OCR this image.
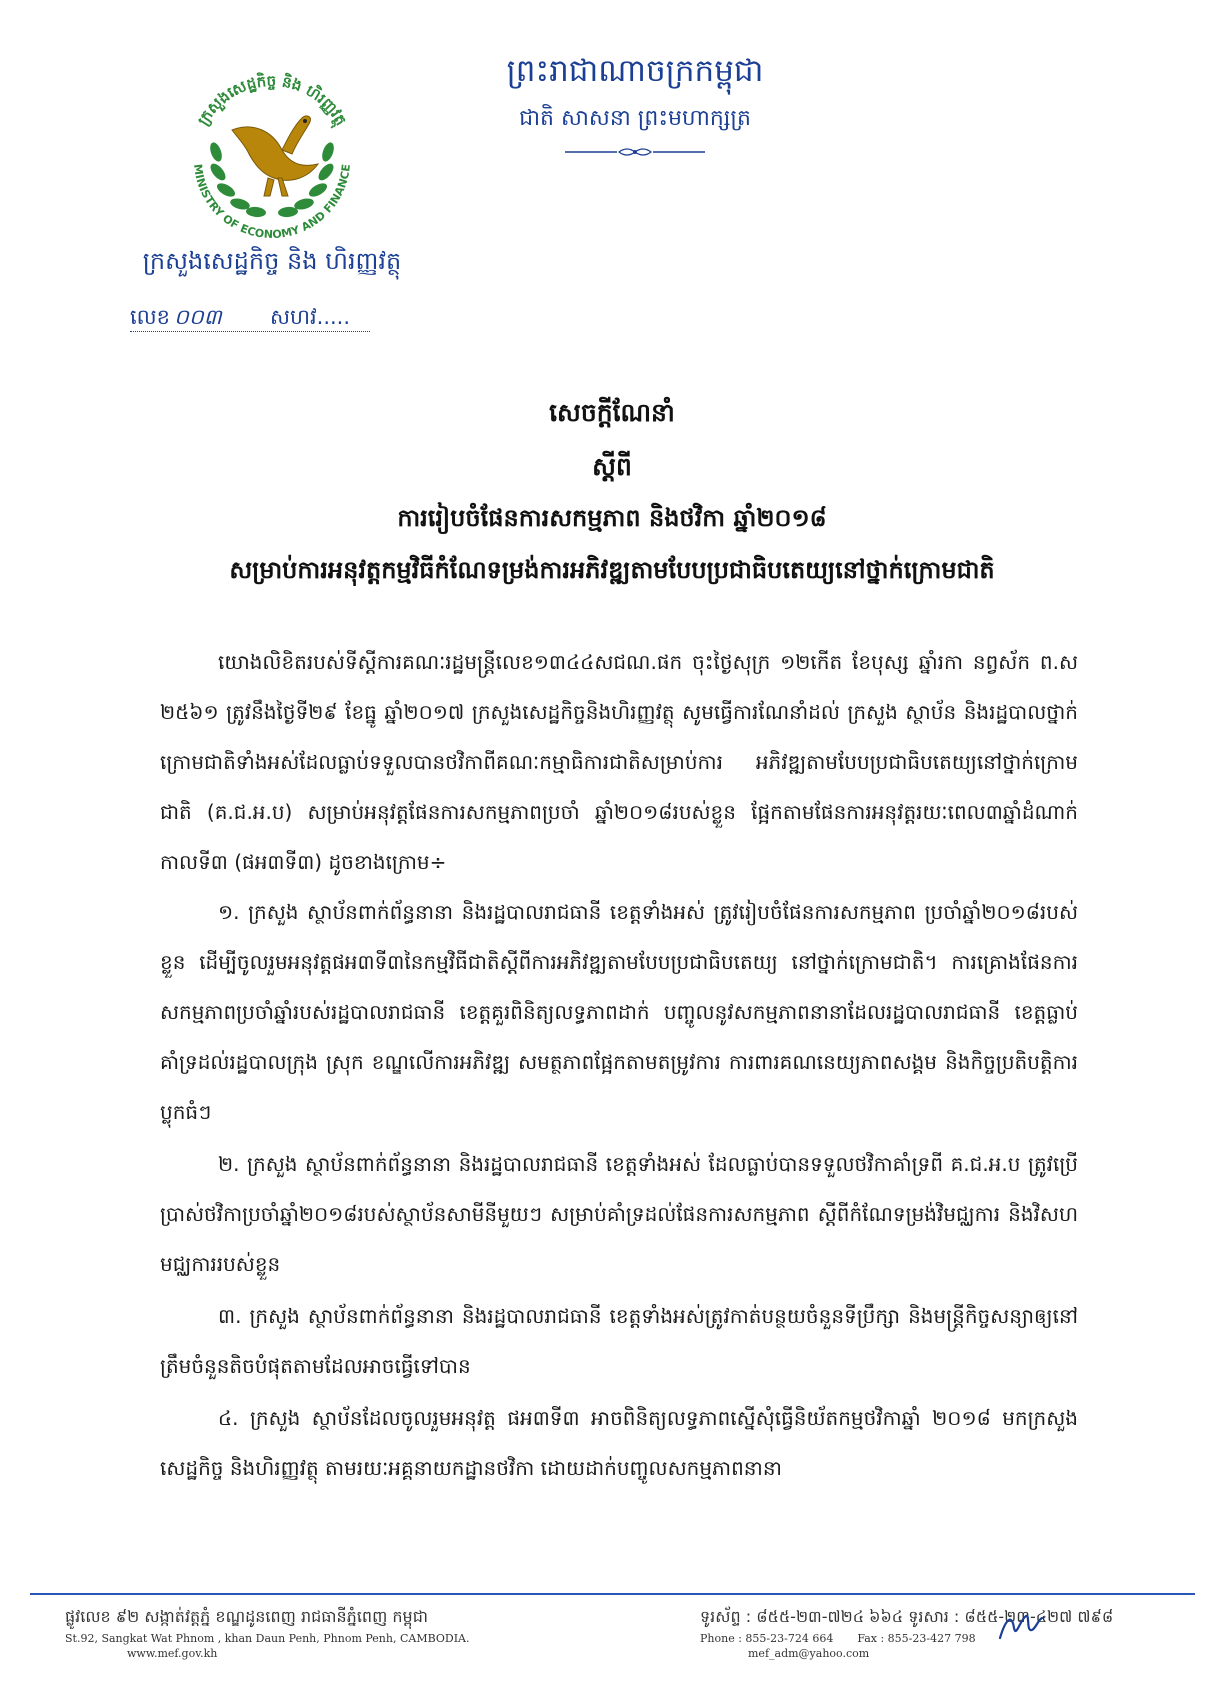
ក្រសួងសេដ្ឋកិច្ច និង ហិរញ្ញវត្ថុ
MINISTRY OF ECONOMY AND FINANCE
ក្រសួងសេដ្ឋកិច្ច និង ហិរញ្ញវត្ថុ
លេខ ០០៣ សហវ.....
ព្រះរាជាណាចក្រកម្ពុជា
ជាតិ សាសនា ព្រះមហាក្សត្រ
សេចក្តីណែនាំ
ស្តីពី
ការរៀបចំផែនការសកម្មភាព និងថវិកា ឆ្នាំ២០១៨
សម្រាប់ការអនុវត្តកម្មវិធីកំណែទម្រង់ការអភិវឌ្ឍតាមបែបប្រជាធិបតេយ្យនៅថ្នាក់ក្រោមជាតិ
យោងលិខិតរបស់ទីស្តីការគណៈរដ្ឋមន្ត្រីលេខ១៣៤៤សជណ.ផក ចុះថ្ងៃសុក្រ ១២កើត ខែបុស្ស ឆ្នាំរកា នព្វស័ក ព.ស ២៥៦១ ត្រូវនឹងថ្ងៃទី២៩ ខែធ្នូ ឆ្នាំ២០១៧ ក្រសួងសេដ្ឋកិច្ចនិងហិរញ្ញវត្ថុ សូមធ្វើការណែនាំដល់ ក្រសួង ស្ថាប័ន និងរដ្ឋបាលថ្នាក់ក្រោមជាតិទាំងអស់ដែលធ្លាប់ទទួលបានថវិកាពីគណៈកម្មាធិការជាតិសម្រាប់ការ អភិវឌ្ឍតាមបែបប្រជាធិបតេយ្យនៅថ្នាក់ក្រោមជាតិ (គ.ជ.អ.ប) សម្រាប់អនុវត្តផែនការសកម្មភាពប្រចាំ ឆ្នាំ២០១៨របស់ខ្លួន ផ្អែកតាមផែនការអនុវត្តរយៈពេល៣ឆ្នាំដំណាក់កាលទី៣ (ផអ៣ទី៣) ដូចខាងក្រោម÷
១. ក្រសួង ស្ថាប័នពាក់ព័ន្ធនានា និងរដ្ឋបាលរាជធានី ខេត្តទាំងអស់ ត្រូវរៀបចំផែនការសកម្មភាព ប្រចាំឆ្នាំ២០១៨របស់ខ្លួន ដើម្បីចូលរួមអនុវត្តផអ៣ទី៣នៃកម្មវិធីជាតិស្តីពីការអភិវឌ្ឍតាមបែបប្រជាធិបតេយ្យ នៅថ្នាក់ក្រោមជាតិ។ ការគ្រោងផែនការសកម្មភាពប្រចាំឆ្នាំរបស់រដ្ឋបាលរាជធានី ខេត្តគួរពិនិត្យលទ្ធភាពដាក់ បញ្ចូលនូវសកម្មភាពនានាដែលរដ្ឋបាលរាជធានី ខេត្តធ្លាប់គាំទ្រដល់រដ្ឋបាលក្រុង ស្រុក ខណ្ឌលើការអភិវឌ្ឍ សមត្ថភាពផ្អែកតាមតម្រូវការ ការពារគណនេយ្យភាពសង្គម និងកិច្ចប្រតិបត្តិការប្លុកធំៗ
២. ក្រសួង ស្ថាប័នពាក់ព័ន្ធនានា និងរដ្ឋបាលរាជធានី ខេត្តទាំងអស់ ដែលធ្លាប់បានទទួលថវិកាគាំទ្រពី គ.ជ.អ.ប ត្រូវប្រើប្រាស់ថវិកាប្រចាំឆ្នាំ២០១៨របស់ស្ថាប័នសាមីនីមួយៗ សម្រាប់គាំទ្រដល់ផែនការសកម្មភាព ស្តីពីកំណែទម្រង់វិមជ្ឈការ និងវិសហមជ្ឈការរបស់ខ្លួន
៣. ក្រសួង ស្ថាប័នពាក់ព័ន្ធនានា និងរដ្ឋបាលរាជធានី ខេត្តទាំងអស់ត្រូវកាត់បន្ថយចំនួនទីប្រឹក្សា និងមន្ត្រីកិច្ចសន្យាឲ្យនៅត្រឹមចំនួនតិចបំផុតតាមដែលអាចធ្វើទៅបាន
៤. ក្រសួង ស្ថាប័នដែលចូលរួមអនុវត្ត ផអ៣ទី៣ អាចពិនិត្យលទ្ធភាពស្នើសុំធ្វើនិយ័តកម្មថវិកាឆ្នាំ ២០១៨ មកក្រសួងសេដ្ឋកិច្ច និងហិរញ្ញវត្ថុ តាមរយៈអគ្គនាយកដ្ឋានថវិកា ដោយដាក់បញ្ចូលសកម្មភាពនានា
ផ្លូវលេខ ៩២ សង្កាត់វត្តភ្នំ ខណ្ឌដូនពេញ រាជធានីភ្នំពេញ កម្ពុជា
St.92, Sangkat Wat Phnom , khan Daun Penh, Phnom Penh, CAMBODIA.
www.mef.gov.kh
ទូរស័ព្ទ : ៨៥៥-២៣-៧២៤ ៦៦៤ ទូរសារ : ៨៥៥-២៣-៤២៧ ៧៩៨
Phone : 855-23-724 664 Fax : 855-23-427 798
mef_adm@yahoo.com
